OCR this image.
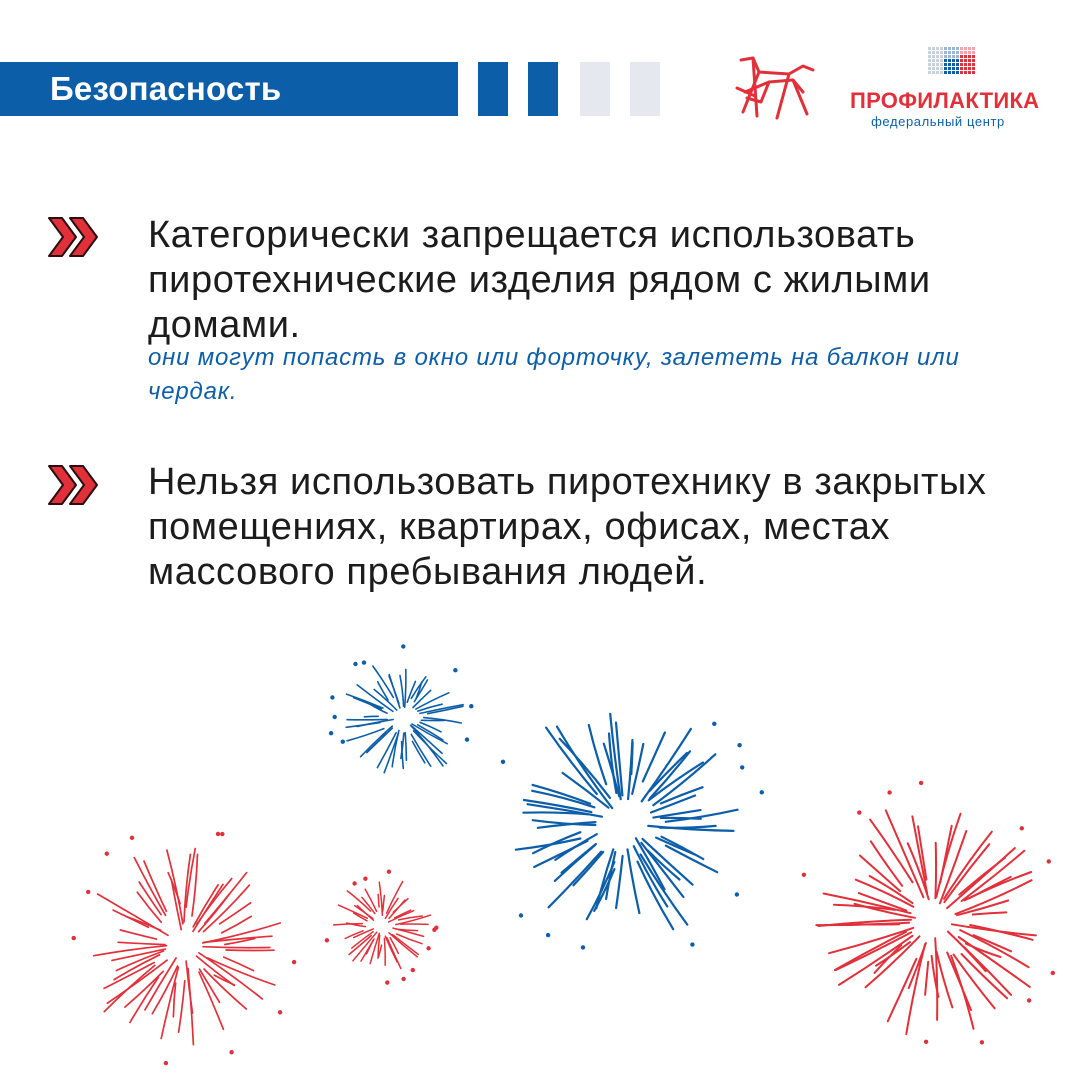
Безопасность	ПРОФИЛАКТИКА
федеральный центр
Категорически запрещается использовать пиротехнические изделия рядом с жилыми домами.
они могут попасть в окно или форточку, залететь на балкон или чердак.
Нельзя использовать пиротехнику в закрытых помещениях, квартирах, офисах, местах массового пребывания людей.
